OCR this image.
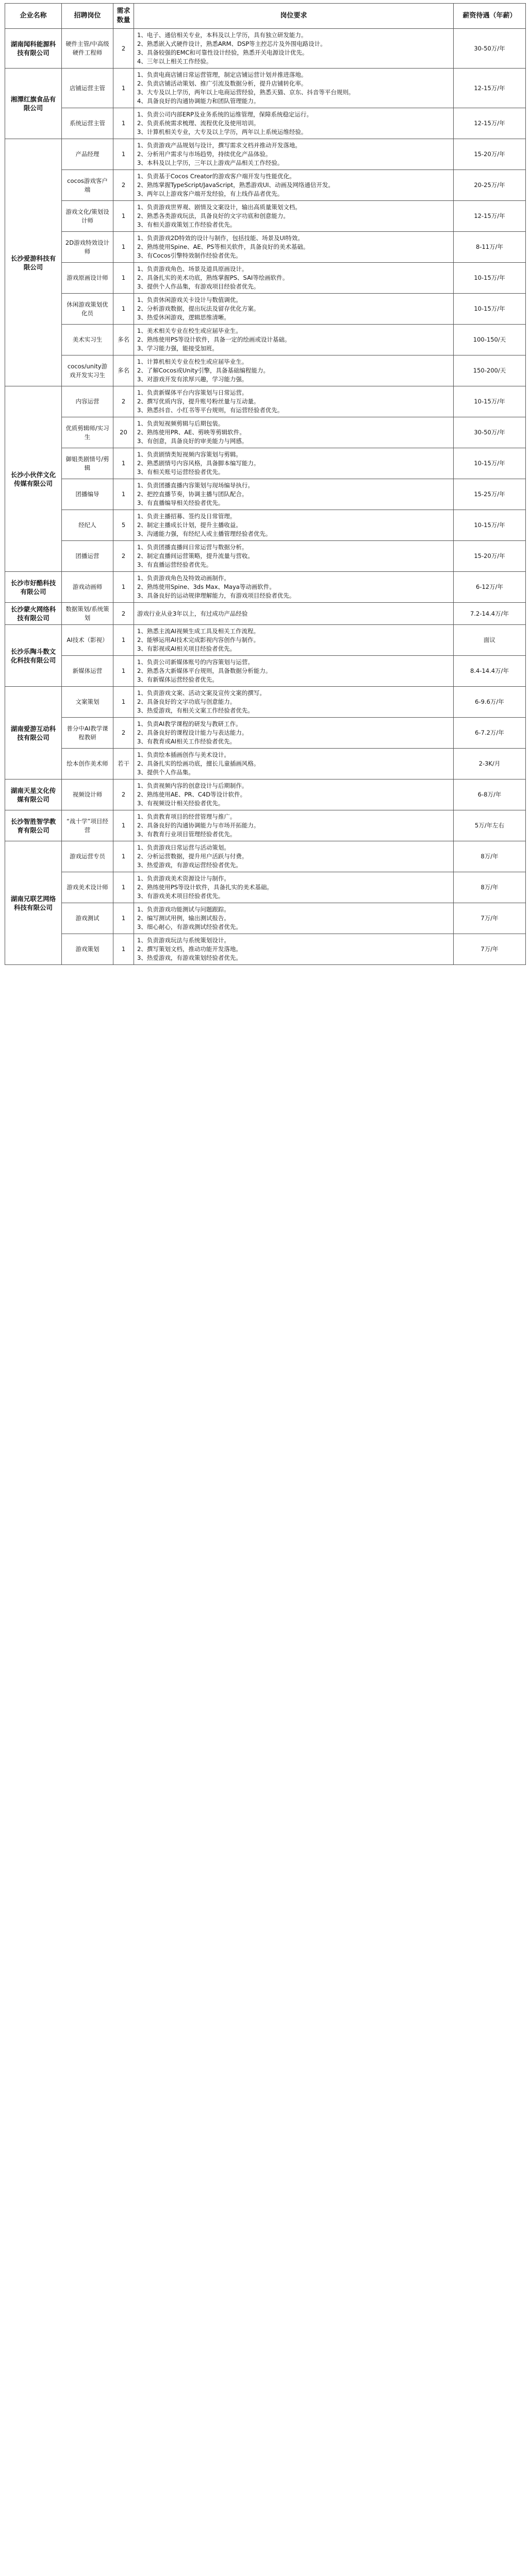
企业名称	招聘岗位	需求数量	岗位要求	薪资待遇（年薪）
湖南闻科能源科技有限公司	硬件主管/中高级硬件工程师	2	1、电子、通信相关专业，本科及以上学历，具有独立研发能力。
2、熟悉嵌入式硬件设计，熟悉ARM、DSP等主控芯片及外围电路设计。
3、具备较强的EMC和可靠性设计经验，熟悉开关电源设计优先。
4、三年以上相关工作经验。	30-50万/年
湘潭红旗食品有限公司	店铺运营主管	1	1、负责电商店铺日常运营管理，制定店铺运营计划并推进落地。
2、负责店铺活动策划、推广引流及数据分析，提升店铺转化率。
3、大专及以上学历，两年以上电商运营经验，熟悉天猫、京东、抖音等平台规则。
4、具备良好的沟通协调能力和团队管理能力。	12-15万/年
	系统运营主管	1	1、负责公司内部ERP及业务系统的运维管理，保障系统稳定运行。
2、负责系统需求梳理、流程优化及使用培训。
3、计算机相关专业，大专及以上学历，两年以上系统运维经验。	12-15万/年
长沙爱游科技有限公司	产品经理	1	1、负责游戏产品规划与设计，撰写需求文档并推动开发落地。
2、分析用户需求与市场趋势，持续优化产品体验。
3、本科及以上学历，三年以上游戏产品相关工作经验。	15-20万/年
	cocos游戏客户端	2	1、负责基于Cocos Creator的游戏客户端开发与性能优化。
2、熟练掌握TypeScript/JavaScript，熟悉游戏UI、动画及网络通信开发。
3、两年以上游戏客户端开发经验，有上线作品者优先。	20-25万/年
	游戏文化/策划设计师	1	1、负责游戏世界观、剧情及文案设计，输出高质量策划文档。
2、熟悉各类游戏玩法，具备良好的文字功底和创意能力。
3、有相关游戏策划工作经验者优先。	12-15万/年
	2D游戏特效设计师	1	1、负责游戏2D特效的设计与制作，包括技能、场景及UI特效。
2、熟练使用Spine、AE、PS等相关软件，具备良好的美术基础。
3、有Cocos引擎特效制作经验者优先。	8-11万/年
	游戏原画设计师	1	1、负责游戏角色、场景及道具原画设计。
2、具备扎实的美术功底，熟练掌握PS、SAI等绘画软件。
3、提供个人作品集，有游戏项目经验者优先。	10-15万/年
	休闲游戏策划优化员	1	1、负责休闲游戏关卡设计与数值调优。
2、分析游戏数据，提出玩法及留存优化方案。
3、热爱休闲游戏，逻辑思维清晰。	10-15万/年
	美术实习生	多名	1、美术相关专业在校生或应届毕业生。
2、熟练使用PS等设计软件，具备一定的绘画或设计基础。
3、学习能力强，能接受加班。	100-150/天
	cocos/unity游戏开发实习生	多名	1、计算机相关专业在校生或应届毕业生。
2、了解Cocos或Unity引擎，具备基础编程能力。
3、对游戏开发有浓厚兴趣，学习能力强。	150-200/天
长沙小伙伴文化传媒有限公司	内容运营	2	1、负责新媒体平台内容策划与日常运营。
2、撰写优质内容，提升账号粉丝量与互动量。
3、熟悉抖音、小红书等平台规则，有运营经验者优先。	10-15万/年
	优质剪辑师/实习生	20	1、负责短视频剪辑与后期包装。
2、熟练使用PR、AE、剪映等剪辑软件。
3、有创意，具备良好的审美能力与网感。	30-50万/年
	御姐类剧情号/剪辑	1	1、负责剧情类短视频内容策划与剪辑。
2、熟悉剧情号内容风格，具备脚本编写能力。
3、有相关账号运营经验者优先。	10-15万/年
	团播编导	1	1、负责团播直播内容策划与现场编导执行。
2、把控直播节奏，协调主播与团队配合。
3、有直播编导相关经验者优先。	15-25万/年
	经纪人	5	1、负责主播招募、签约及日常管理。
2、制定主播成长计划，提升主播收益。
3、沟通能力强，有经纪人或主播管理经验者优先。	10-15万/年
	团播运营	2	1、负责团播直播间日常运营与数据分析。
2、制定直播间运营策略，提升流量与营收。
3、有直播运营经验者优先。	15-20万/年
长沙市好酷科技有限公司	游戏动画师	1	1、负责游戏角色及特效动画制作。
2、熟练使用Spine、3ds Max、Maya等动画软件。
3、具备良好的运动规律理解能力，有游戏项目经验者优先。	6-12万/年
长沙蒙火网络科技有限公司	数据策划/系统策划	2	游戏行业从业3年以上，有过成功产品经验	7.2-14.4万/年
长沙乐陶斗数文化科技有限公司	AI技术（影视）	1	1、熟悉主流AI视频生成工具及相关工作流程。
2、能够运用AI技术完成影视内容创作与制作。
3、有影视或AI相关项目经验者优先。	面议
	新媒体运营	1	1、负责公司新媒体账号的内容策划与运营。
2、熟悉各大新媒体平台规则，具备数据分析能力。
3、有新媒体运营经验者优先。	8.4-14.4万/年
湖南爱游互动科技有限公司	文案策划	1	1、负责游戏文案、活动文案及宣传文案的撰写。
2、具备良好的文字功底与创意能力。
3、热爱游戏，有相关文案工作经验者优先。	6-9.6万/年
	普分中AI教学课程教研	2	1、负责AI教学课程的研发与教研工作。
2、具备良好的课程设计能力与表达能力。
3、有教育或AI相关工作经验者优先。	6-7.2万/年
	绘本创作美术师	若干	1、负责绘本插画创作与美术设计。
2、具备扎实的绘画功底，擅长儿童插画风格。
3、提供个人作品集。	2-3K/月
湖南天星文化传媒有限公司	视频设计师	2	1、负责视频内容的创意设计与后期制作。
2、熟练使用AE、PR、C4D等设计软件。
3、有视频设计相关经验者优先。	6-8万/年
长沙智胜智学教育有限公司	“战十学”项目经营	1	1、负责教育项目的经营管理与推广。
2、具备良好的沟通协调能力与市场开拓能力。
3、有教育行业项目管理经验者优先。	5万/年左右
湖南兄联艺网络科技有限公司	游戏运营专员	1	1、负责游戏日常运营与活动策划。
2、分析运营数据，提升用户活跃与付费。
3、热爱游戏，有游戏运营经验者优先。	8万/年
	游戏美术设计师	1	1、负责游戏美术资源设计与制作。
2、熟练使用PS等设计软件，具备扎实的美术基础。
3、有游戏美术项目经验者优先。	8万/年
	游戏测试	1	1、负责游戏功能测试与问题跟踪。
2、编写测试用例，输出测试报告。
3、细心耐心，有游戏测试经验者优先。	7万/年
	游戏策划	1	1、负责游戏玩法与系统策划设计。
2、撰写策划文档，推动功能开发落地。
3、热爱游戏，有游戏策划经验者优先。	7万/年
